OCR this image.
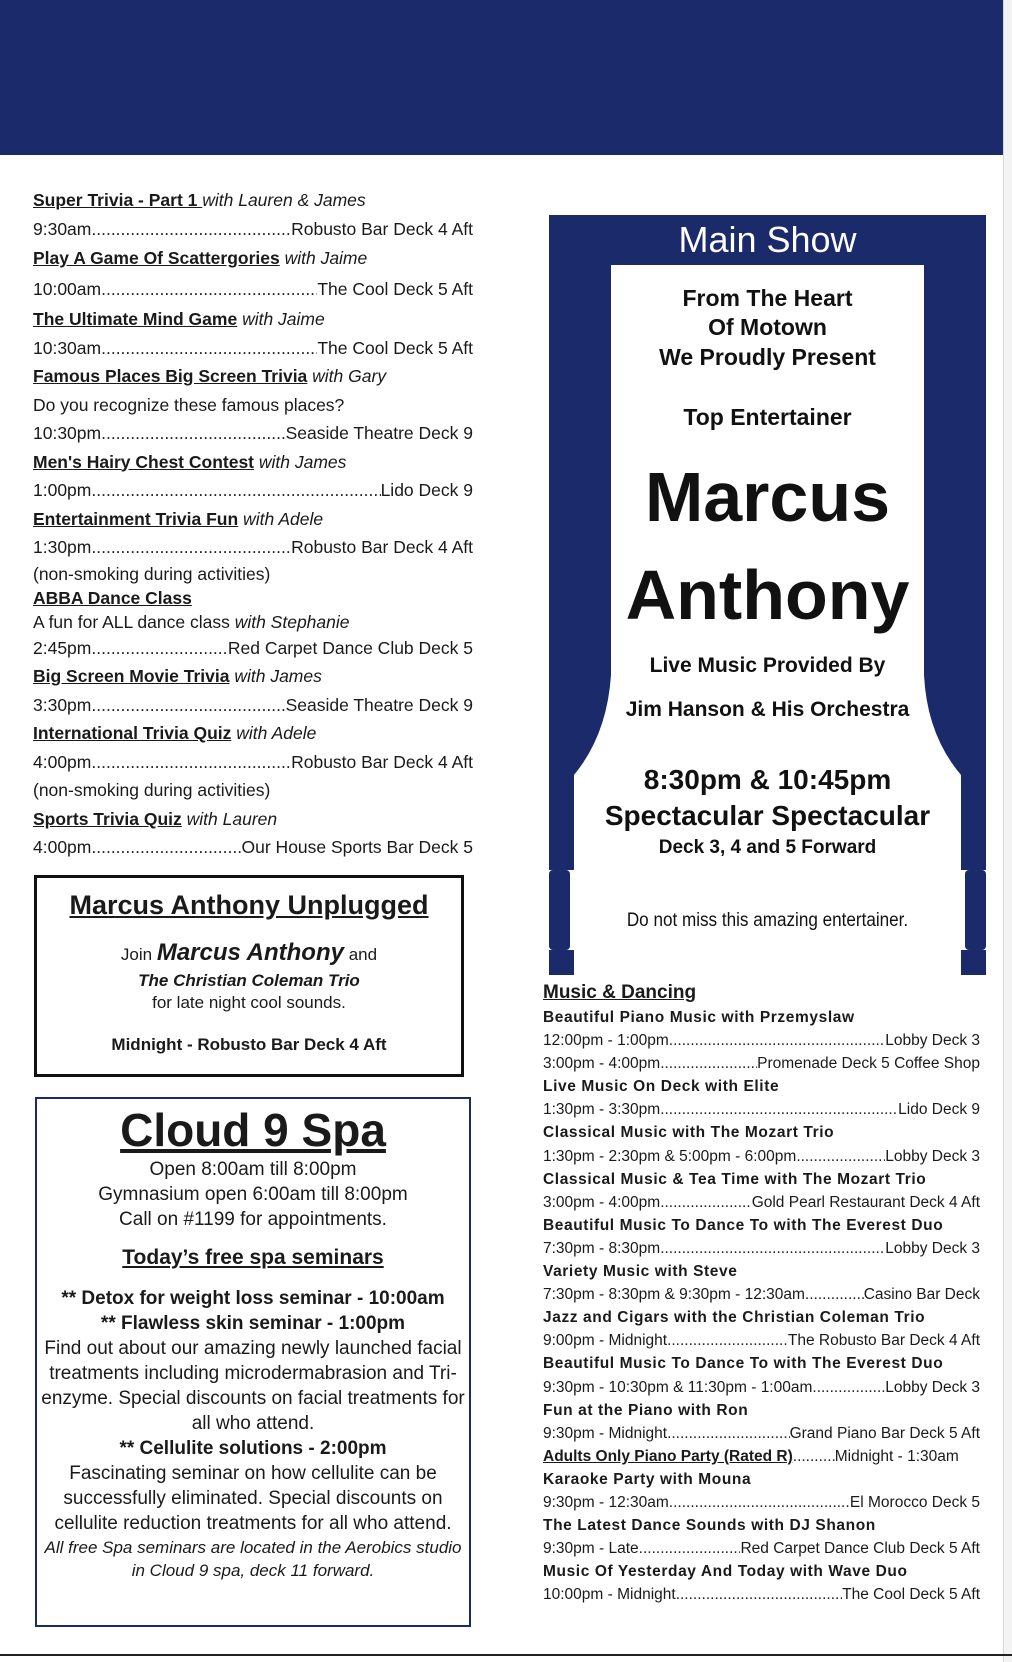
Super Trivia - Part 1 with Lauren & James
9:30am .....	Robusto Bar Deck 4 Aft
Play A Game Of Scattergories with Jaime
10:00am .....	The Cool Deck 5 Aft
The Ultimate Mind Game with Jaime
10:30am .....	The Cool Deck 5 Aft
Famous Places Big Screen Trivia with Gary
Do you recognize these famous places?
10:30pm .....	Seaside Theatre Deck 9
Men's Hairy Chest Contest with James
1:00pm .....	Lido Deck 9
Entertainment Trivia Fun with Adele
1:30pm .....	Robusto Bar Deck 4 Aft
(non-smoking during activities)
ABBA Dance Class
A fun for ALL dance class with Stephanie
2:45pm .....	Red Carpet Dance Club Deck 5
Big Screen Movie Trivia with James
3:30pm .....	Seaside Theatre Deck 9
International Trivia Quiz with Adele
4:00pm .....	Robusto Bar Deck 4 Aft
(non-smoking during activities)
Sports Trivia Quiz with Lauren
4:00pm .....	Our House Sports Bar Deck 5
Marcus Anthony Unplugged
Join Marcus Anthony and
The Christian Coleman Trio
for late night cool sounds.
Midnight - Robusto Bar Deck 4 Aft
Cloud 9 Spa
Open 8:00am till 8:00pm
Gymnasium open 6:00am till 8:00pm
Call on #1199 for appointments.
Today’s free spa seminars
** Detox for weight loss seminar - 10:00am
** Flawless skin seminar - 1:00pm
Find out about our amazing newly launched facial treatments including microdermabrasion and Tri- enzyme. Special discounts on facial treatments for all who attend.
** Cellulite solutions - 2:00pm
Fascinating seminar on how cellulite can be successfully eliminated. Special discounts on cellulite reduction treatments for all who attend.
All free Spa seminars are located in the Aerobics studio in Cloud 9 spa, deck 11 forward.
Main Show
From The Heart
Of Motown
We Proudly Present
Top Entertainer
Marcus
Anthony
Live Music Provided By
Jim Hanson & His Orchestra
8:30pm & 10:45pm
Spectacular Spectacular
Deck 3, 4 and 5 Forward
Do not miss this amazing entertainer.
Music & Dancing
Beautiful Piano Music with Przemyslaw
12:00pm - 1:00pm .....	Lobby Deck 3
3:00pm - 4:00pm .....	Promenade Deck 5 Coffee Shop
Live Music On Deck with Elite
1:30pm - 3:30pm .....	Lido Deck 9
Classical Music with The Mozart Trio
1:30pm - 2:30pm & 5:00pm - 6:00pm .....	Lobby Deck 3
Classical Music & Tea Time with The Mozart Trio
3:00pm - 4:00pm .....	Gold Pearl Restaurant Deck 4 Aft
Beautiful Music To Dance To with The Everest Duo
7:30pm - 8:30pm .....	Lobby Deck 3
Variety Music with Steve
7:30pm - 8:30pm & 9:30pm - 12:30am .....	Casino Bar Deck
Jazz and Cigars with the Christian Coleman Trio
9:00pm - Midnight .....	The Robusto Bar Deck 4 Aft
Beautiful Music To Dance To with The Everest Duo
9:30pm - 10:30pm & 11:30pm - 1:00am .....	Lobby Deck 3
Fun at the Piano with Ron
9:30pm - Midnight .....	Grand Piano Bar Deck 5 Aft
Adults Only Piano Party (Rated R) .....	Midnight - 1:30am
Karaoke Party with Mouna
9:30pm - 12:30am .....	El Morocco Deck 5
The Latest Dance Sounds with DJ Shanon
9:30pm - Late .....	Red Carpet Dance Club Deck 5 Aft
Music Of Yesterday And Today with Wave Duo
10:00pm - Midnight .....	The Cool Deck 5 Aft
